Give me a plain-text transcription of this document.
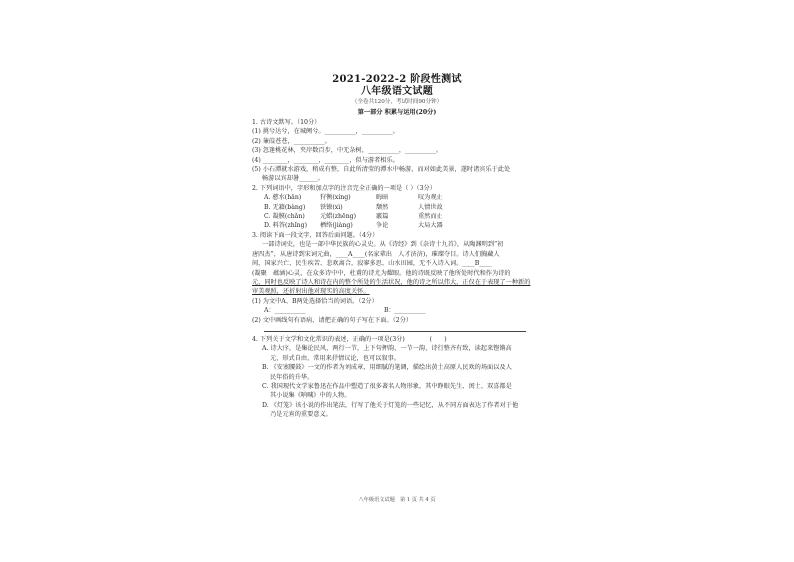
2021-2022-2 阶段性测试
八年级语文试题
（全卷共120分，考试时间90分钟）
第一部分 积累与运用(20分)
1. 古诗文默写。（10分）
(1) 挑兮达兮，在城阙兮。__________，__________。
(2) 蒹葭苍苍，__________。
(3) 忽逢桃花林，夹岸数百步，中无杂树，__________，__________。
(4) ________，________，________，似与游者相乐。
(5) 小石潭就水游戏，稍成有整，自此所清莹的潭水中畅游，而对如此美景，遂时诸宾乐于此处
畅游以宾却暑______。
2. 下列词语中，字形和加点字的注音完全正确的一项是（ ）（3分）
A. 憨水(hān)	狩衡(xíng)	晦暗	叹为观止
B. 无籍(bàng)	铁镣(xì)	颓然	人情世故
C. 凝膜(chǎn)	元蜡(zhēng)	霰篇	重然而止
D. 料答(zhǐng)	栖络(jiàng)	争论	大局大器
3. 阅读下面一段文字，回答后面问题。（4分）
一部诗词史，也是一部中华民族的心灵史。从《诗经》到《杂诗十九首》，从陶渊明到“初
唐四杰”，从唐诗到宋词元曲，____A____(名家辈出　人才济济)，璀璨夺目。诗人们胸藏人
间，国家兴亡、民生疾苦、悲欢离合，寂寥多思、山水田园，无不入诗入词。____B____
(凝聚　蕴涵)心灵，在众多诗中中，杜甫的诗尤为耀眼。他的诗既反映了他所处时代和作为诗的
元，同时也反映了诗人和诗在内的整个所处的生活状况，他的诗之所以伟大，正仅在于表现了一种新的
审美观照，还折射出他对现实的高度关怀。
(1) 为文中A、B两处选择恰当的词语。（2分）
A：__________	B：__________
(2) 文中画线句有语病，请把正确的句子写在下面。（2分）
4. 下列关于文学和文化常识的表述，正确的一项是(3分)　　　　(　　)
A. 诗大序，是集论民风，两行一节，上下句押韵，一节一韵，诗行整齐有致，读起来铿锵高
元、形式自由，常用来抒情议论，也可以叙事。
B. 《安塞腰鼓》一文的作者为刘成章，用细腻的笔调，描绘出黄土高原人民欢的场面以及人
民年俗的升华。
C. 我国现代文学家鲁迅在作品中塑造了很多著名人物形象，其中睁眼先生、闰土、双喜都是
其小说集《呐喊》中的人物。
D. 《灯笼》该小说的作出笔法，行写了他关于灯笼的一些记忆，从不同方面表达了作者对于他
乃是元宵的重要意义。
八年级语文试题　第 1 页 共 4 页
